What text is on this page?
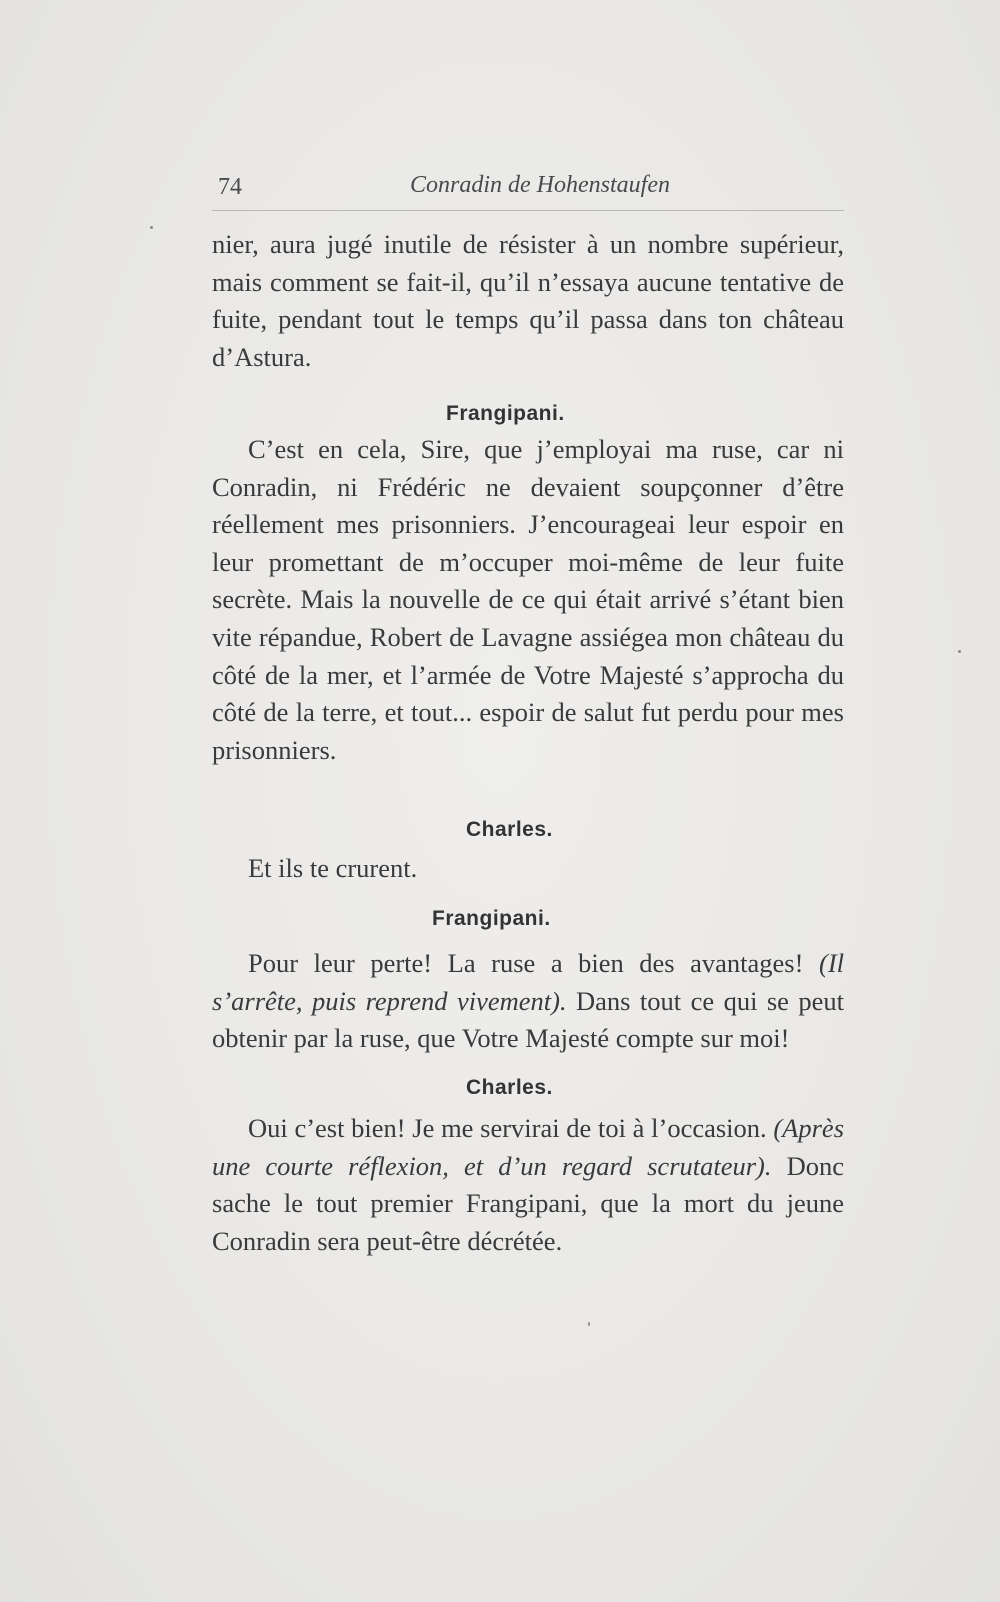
74	Conradin de Hohenstaufen

nier, aura jugé inutile de résister à un nombre supérieur, mais comment se fait-il, qu’il n’essaya aucune tentative de fuite, pendant tout le temps qu’il passa dans ton château d’Astura.

Frangipani.

C’est en cela, Sire, que j’employai ma ruse, car ni Conradin, ni Frédéric ne devaient soupçonner d’être réellement mes prisonniers. J’encourageai leur espoir en leur promettant de m’occuper moi-même de leur fuite secrète. Mais la nouvelle de ce qui était arrivé s’étant bien vite répandue, Robert de Lavagne assiégea mon château du côté de la mer, et l’armée de Votre Majesté s’approcha du côté de la terre, et tout... espoir de salut fut perdu pour mes prisonniers.

Charles.

Et ils te crurent.

Frangipani.

Pour leur perte! La ruse a bien des avantages! (Il s’arrête, puis reprend vivement). Dans tout ce qui se peut obtenir par la ruse, que Votre Majesté compte sur moi!

Charles.

Oui c’est bien! Je me servirai de toi à l’occasion. (Après une courte réflexion, et d’un regard scrutateur). Donc sache le tout premier Frangipani, que la mort du jeune Conradin sera peut-être décrétée.
